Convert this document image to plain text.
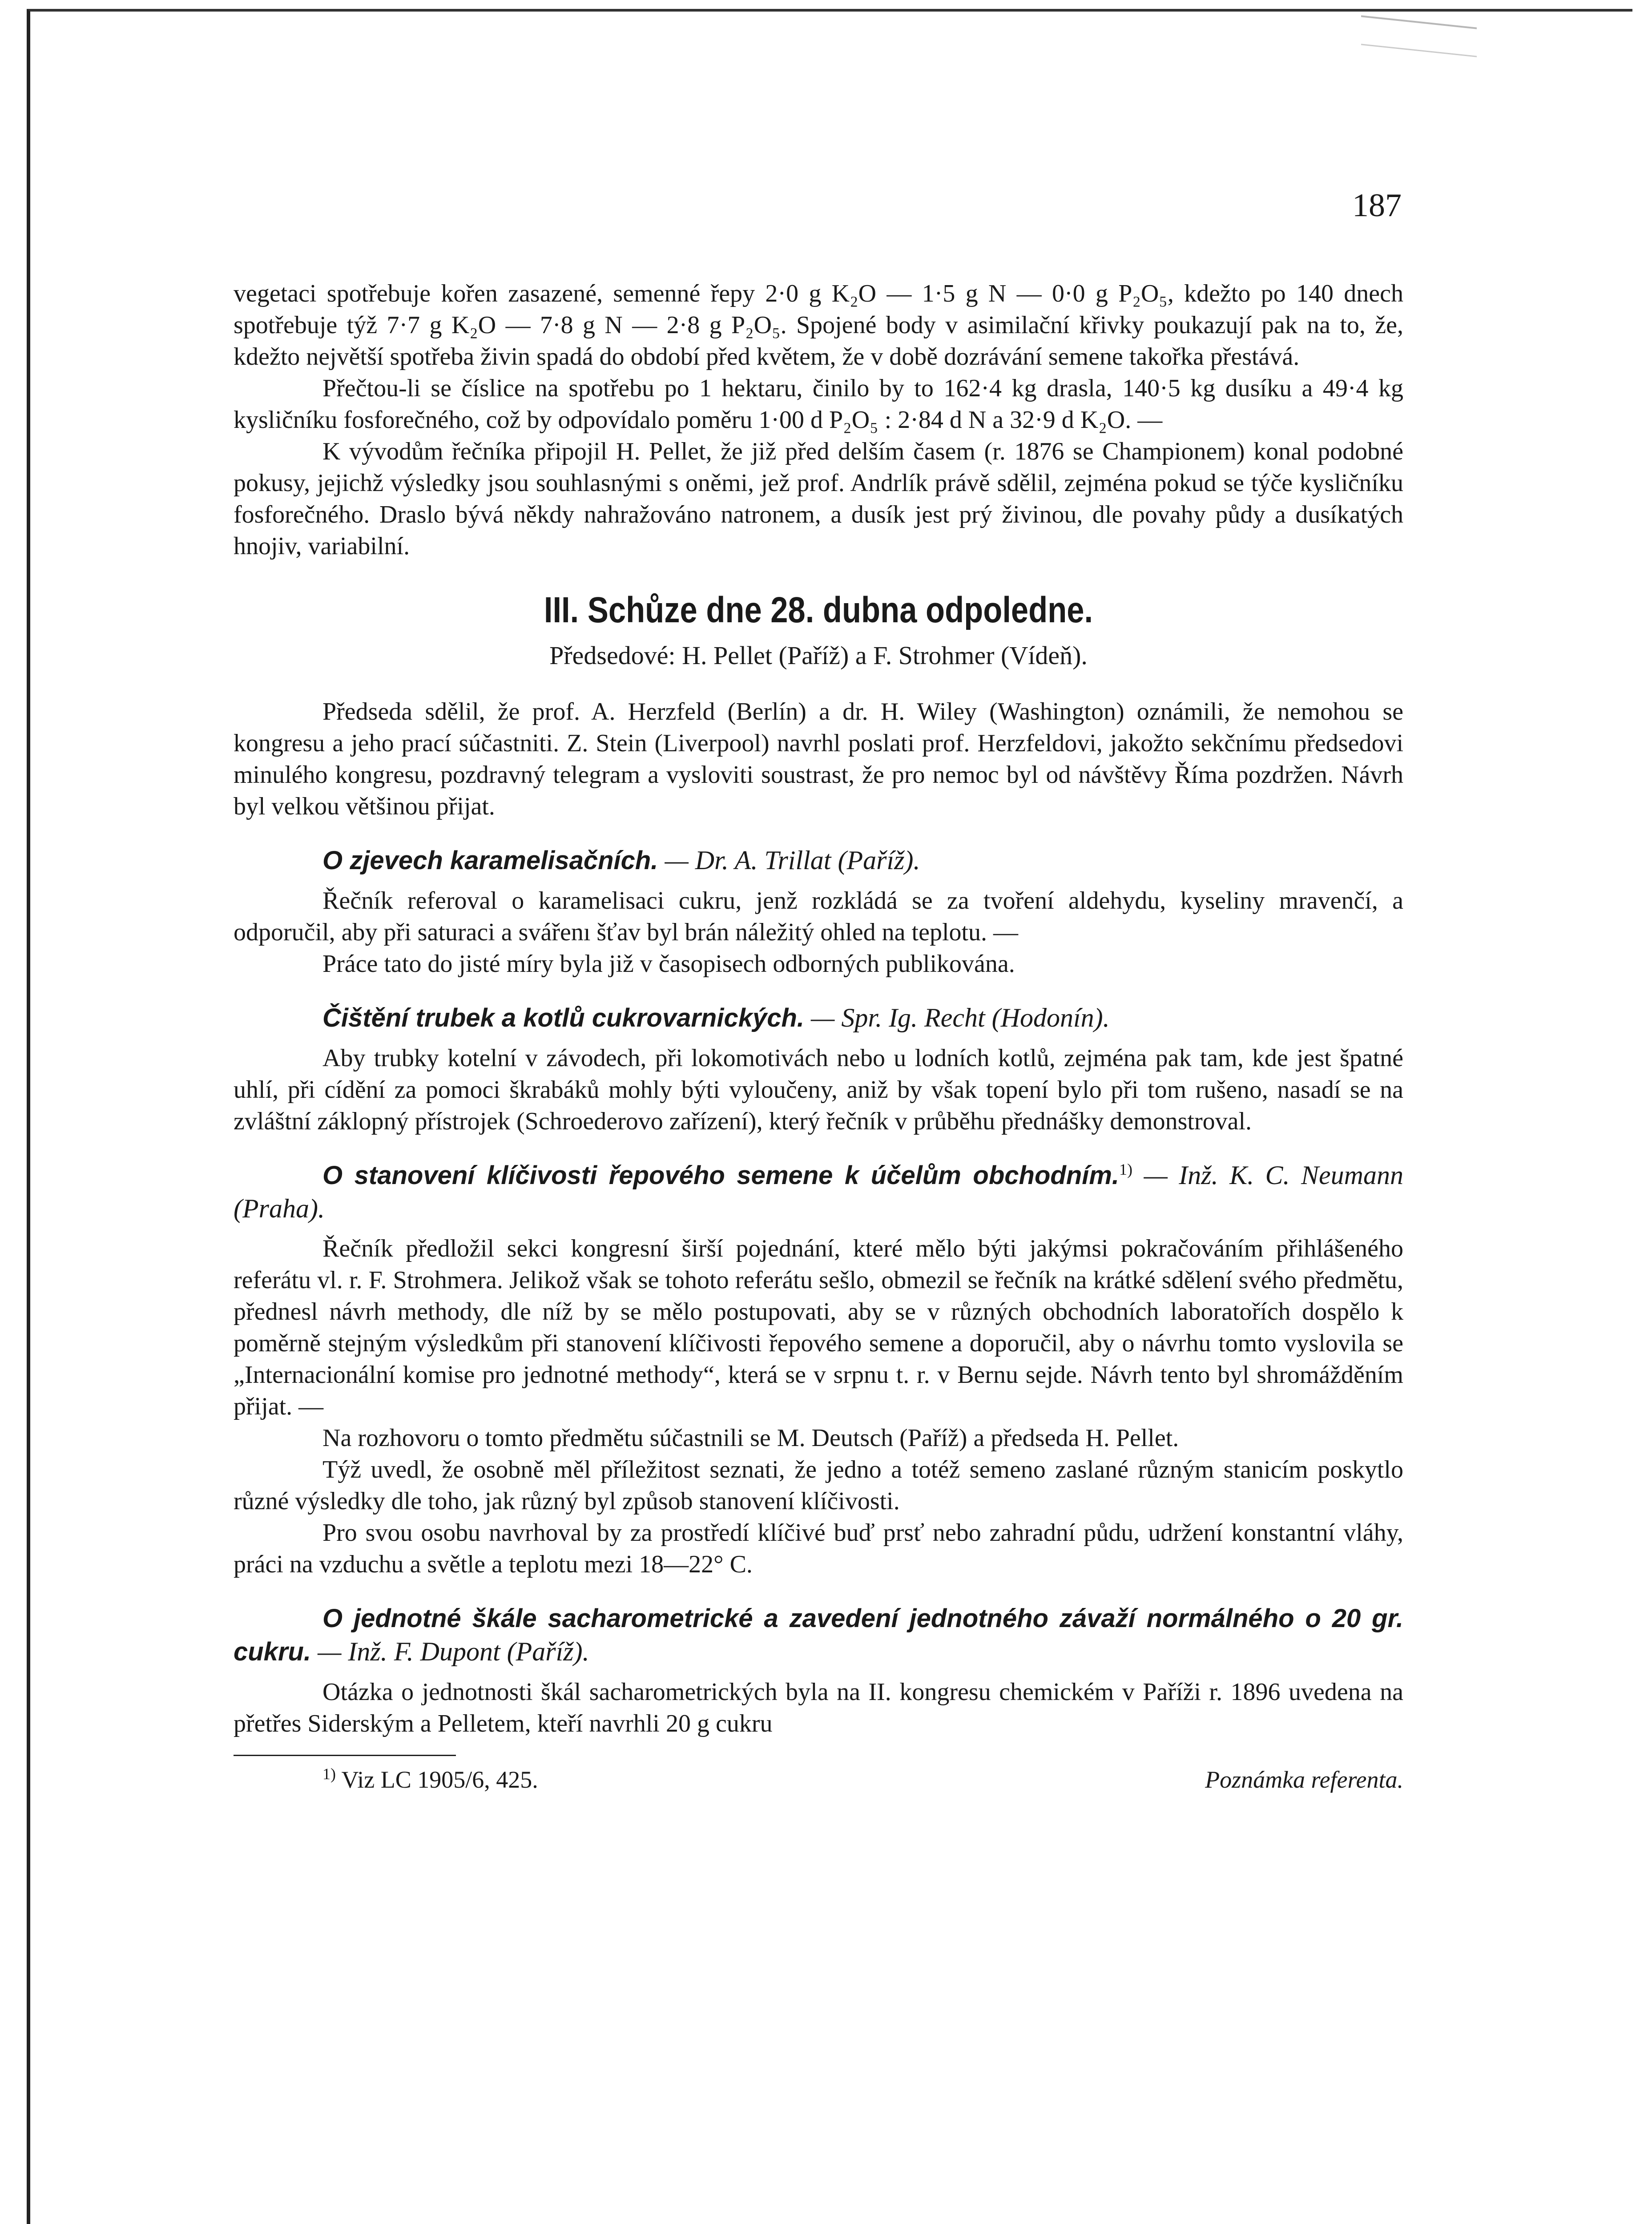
187

vegetaci spotřebuje kořen zasazené, semenné řepy 2·0 g K₂O — 1·5 g N — 0·0 g P₂O₅, kdežto po 140 dnech spotřebuje týž 7·7 g K₂O — 7·8 g N — 2·8 g P₂O₅. Spojené body v asimilační křivky poukazují pak na to, že, kdežto největší spotřeba živin spadá do období před květem, že v době dozrávání semene takořka přestává.

Přečtou-li se číslice na spotřebu po 1 hektaru, činilo by to 162·4 kg drasla, 140·5 kg dusíku a 49·4 kg kysličníku fosforečného, což by odpovídalo poměru 1·00 d P₂O₅ : 2·84 d N a 32·9 d K₂O. —

K vývodům řečníka připojil H. Pellet, že již před delším časem (r. 1876 se Championem) konal podobné pokusy, jejichž výsledky jsou souhlasnými s oněmi, jež prof. Andrlík právě sdělil, zejména pokud se týče kysličníku fosforečného. Draslo bývá někdy nahražováno natronem, a dusík jest prý živinou, dle povahy půdy a dusíkatých hnojiv, variabilní.

III. Schůze dne 28. dubna odpoledne.
Předsedové: H. Pellet (Paříž) a F. Strohmer (Vídeň).

Předseda sdělil, že prof. A. Herzfeld (Berlín) a dr. H. Wiley (Washington) oznámili, že nemohou se kongresu a jeho prací súčastniti. Z. Stein (Liverpool) navrhl poslati prof. Herzfeldovi, jakožto sekčnímu předsedovi minulého kongresu, pozdravný telegram a vysloviti soustrast, že pro nemoc byl od návštěvy Říma pozdržen. Návrh byl velkou většinou přijat.

O zjevech karamelisačních. — Dr. A. Trillat (Paříž).

Řečník referoval o karamelisaci cukru, jenž rozkládá se za tvoření aldehydu, kyseliny mravenčí, a odporučil, aby při saturaci a svářenı šťav byl brán náležitý ohled na teplotu. —

Práce tato do jisté míry byla již v časopisech odborných publikována.

Čištění trubek a kotlů cukrovarnických. — Spr. Ig. Recht (Hodonín).

Aby trubky kotelní v závodech, při lokomotivách nebo u lodních kotlů, zejména pak tam, kde jest špatné uhlí, při cídění za pomoci škrabáků mohly býti vyloučeny, aniž by však topení bylo při tom rušeno, nasadí se na zvláštní záklopný přístrojek (Schroederovo zařízení), který řečník v průběhu přednášky demonstroval.

O stanovení klíčivosti řepového semene k účelům obchodním.$^{1)}$ — Inž. K. C. Neumann (Praha).

Řečník předložil sekci kongresní širší pojednání, které mělo býti jakýmsi pokračováním přihlášeného referátu vl. r. F. Strohmera. Jelikož však se tohoto referátu sešlo, obmezil se řečník na krátké sdělení svého předmětu, přednesl návrh methody, dle níž by se mělo postupovati, aby se v různých obchodních laboratořích dospělo k poměrně stejným výsledkům při stanovení klíčivosti řepového semene a doporučil, aby o návrhu tomto vyslovila se „Internacionální komise pro jednotné methody“, která se v srpnu t. r. v Bernu sejde. Návrh tento byl shromážděním přijat. —

Na rozhovoru o tomto předmětu súčastnili se M. Deutsch (Paříž) a předseda H. Pellet.

Týž uvedl, že osobně měl příležitost seznati, že jedno a totéž semeno zaslané různým stanicím poskytlo různé výsledky dle toho, jak různý byl způsob stanovení klíčivosti.

Pro svou osobu navrhoval by za prostředí klíčivé buď prsť nebo zahradní půdu, udržení konstantní vláhy, práci na vzduchu a světle a teplotu mezi 18—22° C.

O jednotné škále sacharometrické a zavedení jednotného závaží normálného o 20 gr. cukru. — Inž. F. Dupont (Paříž).

Otázka o jednotnosti škál sacharometrických byla na II. kongresu chemickém v Paříži r. 1896 uvedena na přetřes Siderským a Pelletem, kteří navrhli 20 g cukru

$^{1)}$ Viz LC 1905/6, 425.	Poznámka referenta.
